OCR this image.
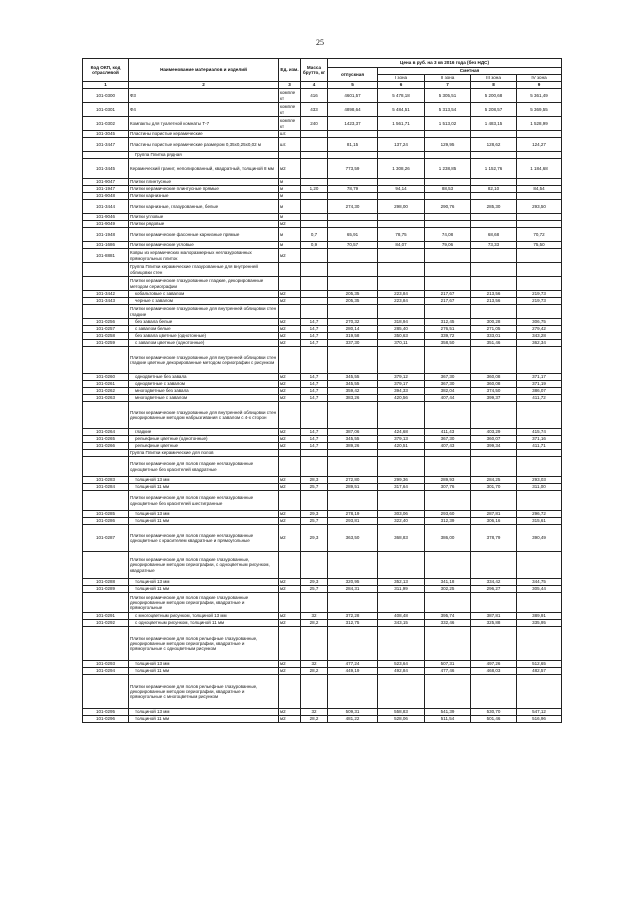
25
Код ОКП, код отраслевой	Наименование материалов и изделий	Ед. изм.	Масса брутто, кг	Цена в руб. на 3 кв 2016 года (без НДС)				
				отпускная	Сметная			
					I зона	II зона	III зона	IV зона
1	2	3	4	5	6	7	8	9
101-0300	Ф3	компле кт	416	4601,57	5 478,18	5 305,51	5 200,68	5 361,49
101-0301	Ф4	компле кт	433	4898,64	5 484,51	5 313,54	5 208,57	5 369,55
101-0302	Компакты для туалетной комнаты Т-7	компле кт	240	1423,37	1 561,71	1 513,02	1 483,15	1 528,99
101-3045	Пластины пористые керамические	шт.						
101-3447	Пластины пористые керамические размером 0,35х0,25х0,02 м	шт.		81,15	137,24	129,95	128,62	124,27
	Группа Плитка рядная							
101-3445	Керамический гранит, неполированный, квадратный, толщиной 8 мм	м2		773,59	1 308,26	1 238,85	1 152,76	1 184,68
101-9047	Плитки плинтусные	м						
101-1947	Плитки керамические плинтусные прямые	м	1,20	78,79	94,14	88,53	82,10	84,54
101-9048	Плитки карнизные	м						
101-3444	Плитки карнизные, глазурованные, белые	м		274,30	298,00	290,76	285,30	293,50
101-9046	Плитки угловые	м						
101-9049	Плитки рядовые	м2						
101-1948	Плитки керамические фасонные карнизные прямые	м	0,7	65,91	78,75	74,08	68,68	70,72
101-1686	Плитки керамические угловые	м	0,9	70,57	84,07	79,06	73,33	75,50
101-8881	Ковры из керамических малоразмерных неглазурованных прямоугольных плиток	м2						
	Группа Плитки керамические глазурованные для внутренней облицовки стен							
	Плитки керамические глазурованные гладкие, декорированные методом сериографии							
101-3442	кобальтовые с завалом	м2		205,35	223,84	217,67	213,56	219,73
101-3443	черные с завалом	м2		205,35	223,84	217,67	213,56	219,73
	Плитки керамические глазурованные для внутренней облицовки стен гладкие							
101-0256	без завала белые	м2	14,7	270,32	318,94	312,45	300,28	306,75
101-0257	с завалом белые	м2	14,7	280,14	285,40	276,51	271,05	279,42
101-0258	без завала цветные (однотонные)	м2	14,7	319,58	350,63	339,72	333,01	343,28
101-0259	с завалом цветные (однотонные)	м2	14,7	337,30	370,11	358,50	351,46	362,34
	Плитки керамические глазурованные для внутренней облицовки стен гладкие цветные декорированные методом сериографии с рисунком							
101-0260	однодветные без завала	м2	14,7	345,55	379,12	367,30	360,08	371,17
101-0261	однодветные с завалом	м2	14,7	345,55	379,17	367,30	360,08	371,19
101-0262	многодветные без завала	м2	14,7	359,42	394,33	382,04	374,50	386,07
101-0263	многодветные с завалом	м2	14,7	383,26	420,56	407,44	399,37	411,72
	Плитки керамические глазурованные для внутренней облицовки стен декорированные методом набрызгивания с завалом с 4-х сторон							
101-0264	гладкие	м2	14,7	387,06	424,68	411,43	403,29	415,74
101-0265	рельефные цветные (однотонные)	м2	14,7	345,55	379,13	367,30	360,07	371,16
101-0266	рельефные цветные	м2	14,7	389,26	420,51	407,43	399,34	411,71
	Группа Плитки керамические для полов							
	Плитки керамические для полов гладкие неглазурованные одноцветные без красителей квадратные							
101-0283	толщиной 13 мм	м2	28,3	272,80	299,36	289,93	284,25	293,03
101-0284	толщиной 11 мм	м2	25,7	289,51	317,64	307,76	301,70	311,00
	Плитки керамические для полов гладкие неглазурованные одноцветные без красителей шестигранные							
101-0285	толщиной 13 мм	м2	29,3	278,19	303,06	293,60	287,81	296,72
101-0286	толщиной 11 мм	м2	25,7	293,81	322,40	312,39	306,16	315,61
101-0287	Плитки керамические для полов гладкие неглазурованные одноцветные с красителем квадратные и прямоугольные	м2	29,3	363,50	368,83	386,00	378,79	390,49
	Плитки керамические для полов гладкие глазурованные, декорированные методом сериографии, с одноцветным рисунком, квадратные							
101-0288	толщиной 13 мм	м2	29,3	320,95	352,13	341,18	334,42	344,75
101-0289	толщиной 11 мм	м2	25,7	284,31	311,99	302,25	296,27	305,44
	Плитки керамические для полов гладкие глазурованные декорированные методом сериографии, квадратные и прямоугольные							
101-0291	с многоцветным рисунком, толщиной 13 мм	м2	32	372,28	408,48	395,74	387,81	389,91
101-0292	с одноцветным рисунком, толщиной 11 мм	м2	28,2	312,75	343,15	332,46	325,88	335,95
	Плитки керамические для полов рельефные глазурованные, декорированные методом сериографии, квадратные и прямоугольные с одноцветным рисунком							
101-0293	толщиной 13 мм	м2	32	477,24	523,64	507,31	497,26	512,65
101-0294	толщиной 11 мм	м2	28,2	449,19	492,84	477,46	468,03	482,57
	Плитки керамические для полов рельефные глазурованные, декорированные методом сериографии, квадратные и прямоугольные с многоцветным рисунком							
101-0295	толщиной 13 мм	м2	32	509,31	558,83	541,39	530,70	547,12
101-0296	толщиной 11 мм	м2	28,2	481,22	528,06	511,54	501,46	516,96
